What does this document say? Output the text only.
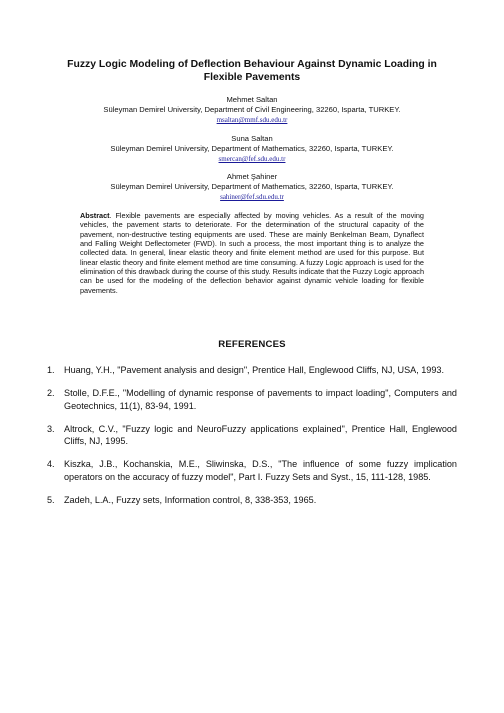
Fuzzy Logic Modeling of Deflection Behaviour Against Dynamic Loading in
Flexible Pavements
Mehmet Saltan
Süleyman Demirel University, Department of Civil Engineering, 32260, Isparta, TURKEY.
msaltan@mmf.sdu.edu.tr
Suna Saltan
Süleyman Demirel University, Department of Mathematics, 32260, Isparta, TURKEY.
smercan@fef.sdu.edu.tr
Ahmet Şahiner
Süleyman Demirel University, Department of Mathematics, 32260, Isparta, TURKEY.
sahiner@fef.sdu.edu.tr
Abstract. Flexible pavements are especially affected by moving vehicles. As a result of the moving vehicles, the pavement starts to deteriorate. For the determination of the structural capacity of the pavement, non-destructive testing equipments are used. These are mainly Benkelman Beam, Dynaflect and Falling Weight Deflectometer (FWD). In such a process, the most important thing is to analyze the collected data. In general, linear elastic theory and finite element method are used for this purpose. But linear elastic theory and finite element method are time consuming. A fuzzy Logic approach is used for the elimination of this drawback during the course of this study. Results indicate that the Fuzzy Logic approach can be used for the modeling of the deflection behavior against dynamic vehicle loading for flexible pavements.
REFERENCES
1. Huang, Y.H., "Pavement analysis and design", Prentice Hall, Englewood Cliffs, NJ, USA, 1993.
2. Stolle, D.F.E., "Modelling of dynamic response of pavements to impact loading", Computers and Geotechnics, 11(1), 83-94, 1991.
3. Altrock, C.V., "Fuzzy logic and NeuroFuzzy applications explained", Prentice Hall, Englewood Cliffs, NJ, 1995.
4. Kiszka, J.B., Kochanskia, M.E., Sliwinska, D.S., "The influence of some fuzzy implication operators on the accuracy of fuzzy model", Part I. Fuzzy Sets and Syst., 15, 111-128, 1985.
5. Zadeh, L.A., Fuzzy sets, Information control, 8, 338-353, 1965.
